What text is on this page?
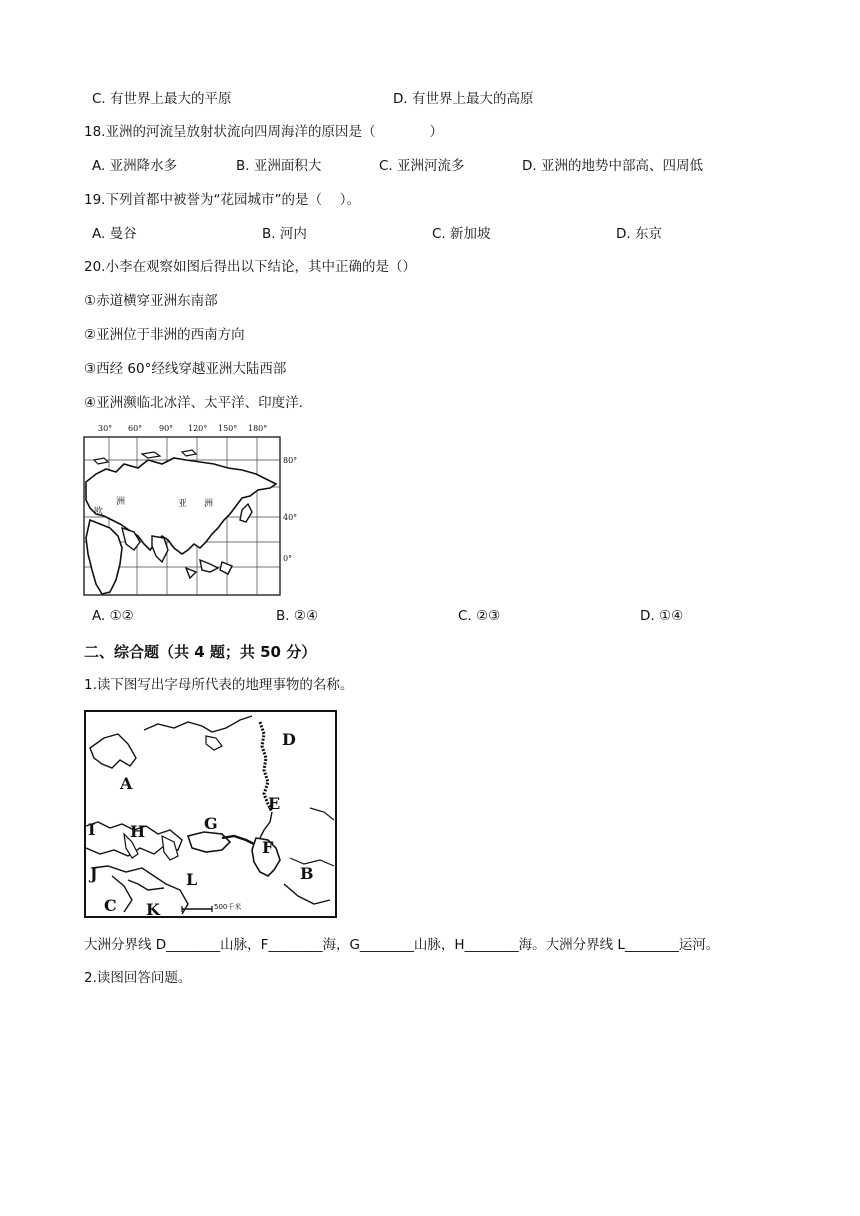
C. 有世界上最大的平原	D. 有世界上最大的高原
18.亚洲的河流呈放射状流向四周海洋的原因是（　　　　）
A. 亚洲降水多	B. 亚洲面积大	C. 亚洲河流多	D. 亚洲的地势中部高、四周低
19.下列首都中被誉为“花园城市”的是（　 ）。
A. 曼谷	B. 河内	C. 新加坡	D. 东京
20.小李在观察如图后得出以下结论，其中正确的是（）
①赤道横穿亚洲东南部
②亚洲位于非洲的西南方向
③西经 60°经线穿越亚洲大陆西部
④亚洲濒临北冰洋、太平洋、印度洋.
30° 60° 90° 120° 150° 180°
80°
40°
0°
洲	亚 洲
欧
A. ①②	B. ②④	C. ②③	D. ①④
二、综合题（共 4 题；共 50 分）
1.读下图写出字母所代表的地理事物的名称。
D
A
E
I H	G
F
J	L	B
C K	500千米
大洲分界线 D________山脉，F________海，G________山脉，H________海。大洲分界线 L________运河。
2.读图回答问题。
